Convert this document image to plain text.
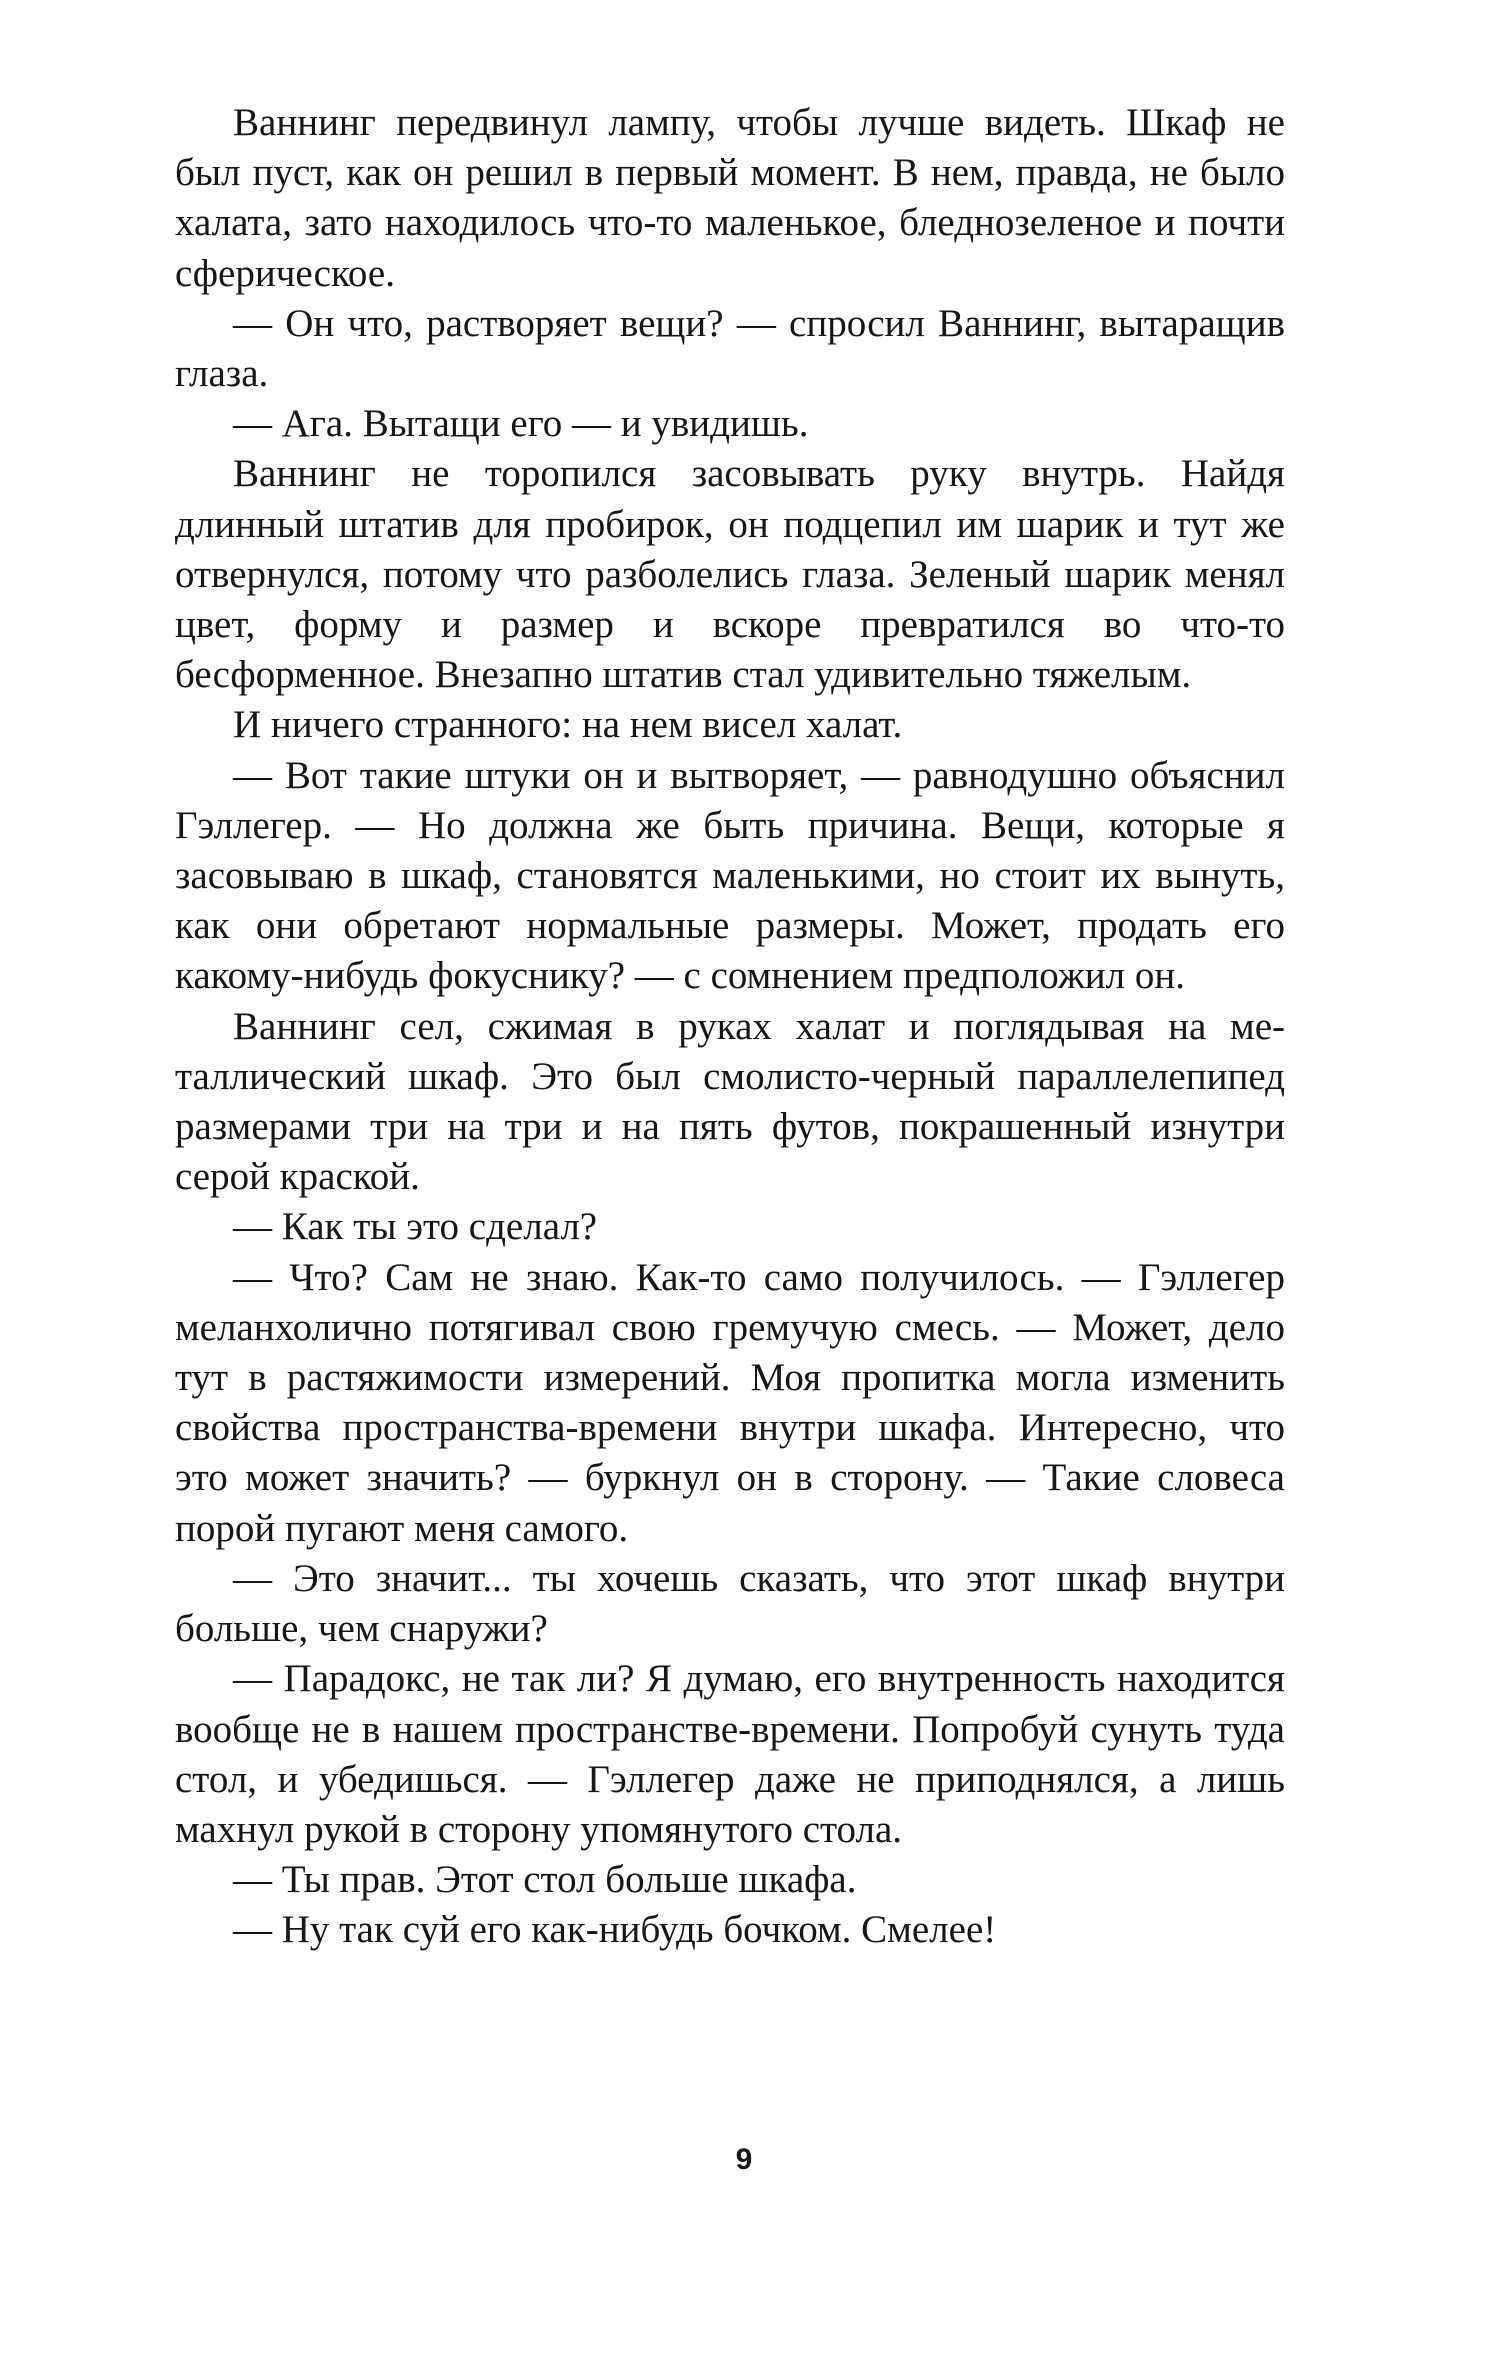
Ваннинг передвинул лампу, чтобы лучше видеть. Шкаф не был пуст, как он решил в первый момент. В нем, правда, не было халата, зато находилось что-то маленькое, бледнозеленое и почти сферическое.

— Он что, растворяет вещи? — спросил Ваннинг, вытаращив глаза.

— Ага. Вытащи его — и увидишь.

Ваннинг не торопился засовывать руку внутрь. Найдя длинный штатив для пробирок, он подцепил им шарик и тут же отвернулся, потому что разболелись глаза. Зеленый шарик менял цвет, форму и размер и вскоре превратился во что-то бесформенное. Внезапно штатив стал удивительно тяжелым.

И ничего странного: на нем висел халат.

— Вот такие штуки он и вытворяет, — равнодушно объяснил Гэллегер. — Но должна же быть причина. Вещи, которые я засовываю в шкаф, становятся маленькими, но стоит их вынуть, как они обретают нормальные размеры. Может, продать его какому-нибудь фокуснику? — с сомнением предположил он.

Ваннинг сел, сжимая в руках халат и поглядывая на металлический шкаф. Это был смолисто-черный параллелепипед размерами три на три и на пять футов, покрашенный изнутри серой краской.

— Как ты это сделал?

— Что? Сам не знаю. Как-то само получилось. — Гэллегер меланхолично потягивал свою гремучую смесь. — Может, дело тут в растяжимости измерений. Моя пропитка могла изменить свойства пространства-времени внутри шкафа. Интересно, что это может значить? — буркнул он в сторону. — Такие словеса порой пугают меня самого.

— Это значит... ты хочешь сказать, что этот шкаф внутри больше, чем снаружи?

— Парадокс, не так ли? Я думаю, его внутренность находится вообще не в нашем пространстве-времени. Попробуй сунуть туда стол, и убедишься. — Гэллегер даже не приподнялся, а лишь махнул рукой в сторону упомянутого стола.

— Ты прав. Этот стол больше шкафа.

— Ну так суй его как-нибудь бочком. Смелее!

9
